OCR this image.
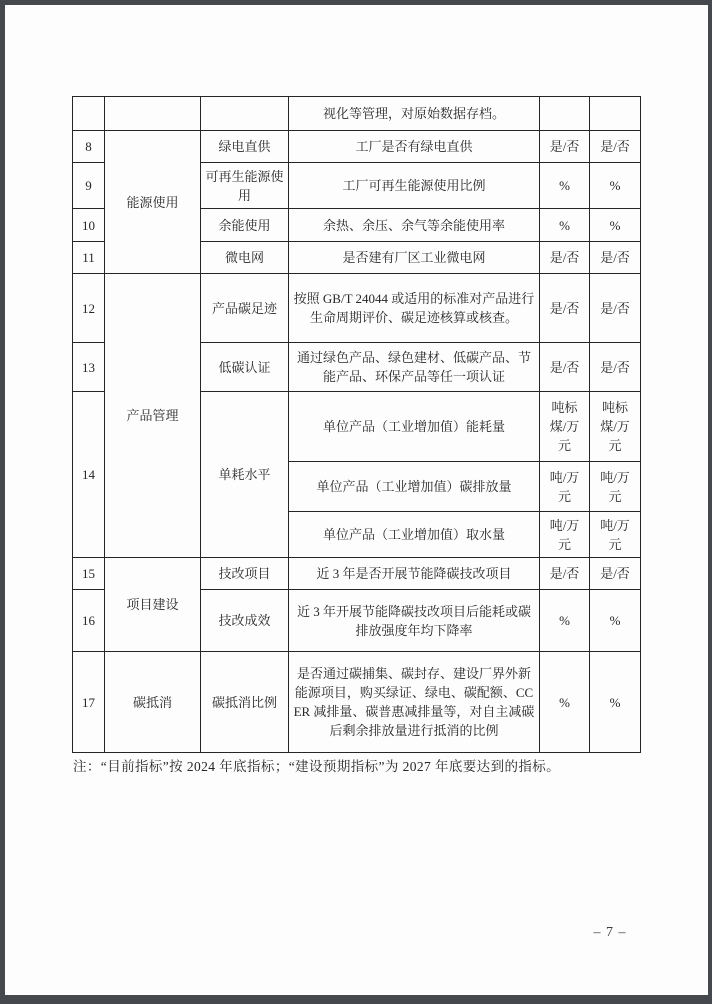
			视化等管理，对原始数据存档。		
8	能源使用	绿电直供	工厂是否有绿电直供	是/否	是/否
9		可再生能源使用	工厂可再生能源使用比例	%	%
10		余能使用	余热、余压、余气等余能使用率	%	%
11		微电网	是否建有厂区工业微电网	是/否	是/否
12	产品管理	产品碳足迹	按照 GB/T 24044 或适用的标准对产品进行生命周期评价、碳足迹核算或核查。	是/否	是/否
13		低碳认证	通过绿色产品、绿色建材、低碳产品、节能产品、环保产品等任一项认证	是/否	是/否
14		单耗水平	单位产品（工业增加值）能耗量	吨标煤/万元	吨标煤/万元
			单位产品（工业增加值）碳排放量	吨/万元	吨/万元
			单位产品（工业增加值）取水量	吨/万元	吨/万元
15	项目建设	技改项目	近 3 年是否开展节能降碳技改项目	是/否	是/否
16		技改成效	近 3 年开展节能降碳技改项目后能耗或碳排放强度年均下降率	%	%
17	碳抵消	碳抵消比例	是否通过碳捕集、碳封存、建设厂界外新能源项目，购买绿证、绿电、碳配额、CCER 减排量、碳普惠减排量等，对自主减碳后剩余排放量进行抵消的比例	%	%
注：“目前指标”按 2024 年底指标；“建设预期指标”为 2027 年底要达到的指标。
– 7 –
